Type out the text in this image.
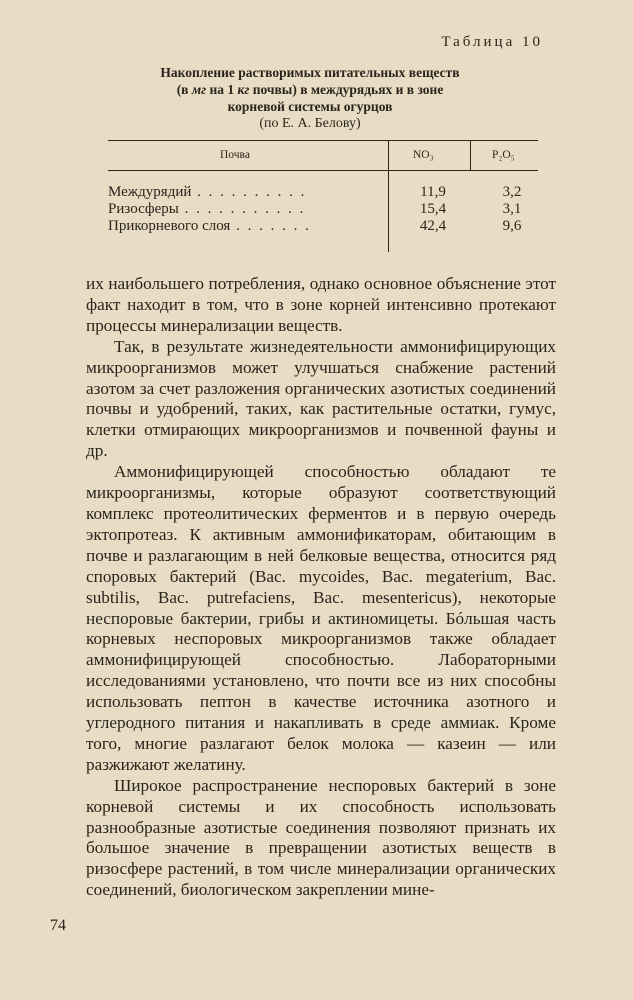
Таблица 10
Накопление растворимых питательных веществ
(в мг на 1 кг почвы) в междурядьях и в зоне
корневой системы огурцов
(по Е. А. Белову)
Почва	NO₃	P₂O₅
Междурядий . . . . . . . . . .	11,9	3,2
Ризосферы . . . . . . . . . . .	15,4	3,1
Прикорневого слоя . . . . . . .	42,4	9,6

их наибольшего потребления, однако основное объяснение этот факт находит в том, что в зоне корней интенсивно протекают процессы минерализации веществ.

Так, в результате жизнедеятельности аммонифицирующих микроорганизмов может улучшаться снабжение растений азотом за счет разложения органических азотистых соединений почвы и удобрений, таких, как растительные остатки, гумус, клетки отмирающих микроорганизмов и почвенной фауны и др.

Аммонифицирующей способностью обладают те микроорганизмы, которые образуют соответствующий комплекс протеолитических ферментов и в первую очередь эктопротеаз. К активным аммонификаторам, обитающим в почве и разлагающим в ней белковые вещества, относится ряд споровых бактерий (Bac. mycoides, Bac. megaterium, Bac. subtilis, Bac. putrefaciens, Bac. mesentericus), некоторые неспоровые бактерии, грибы и актиномицеты. Бóльшая часть корневых неспоровых микроорганизмов также обладает аммонифицирующей способностью. Лабораторными исследованиями установлено, что почти все из них способны использовать пептон в качестве источника азотного и углеродного питания и накапливать в среде аммиак. Кроме того, многие разлагают белок молока — казеин — или разжижают желатину.

Широкое распространение неспоровых бактерий в зоне корневой системы и их способность использовать разнообразные азотистые соединения позволяют признать их большое значение в превращении азотистых веществ в ризосфере растений, в том числе минерализации органических соединений, биологическом закреплении мине-

74
